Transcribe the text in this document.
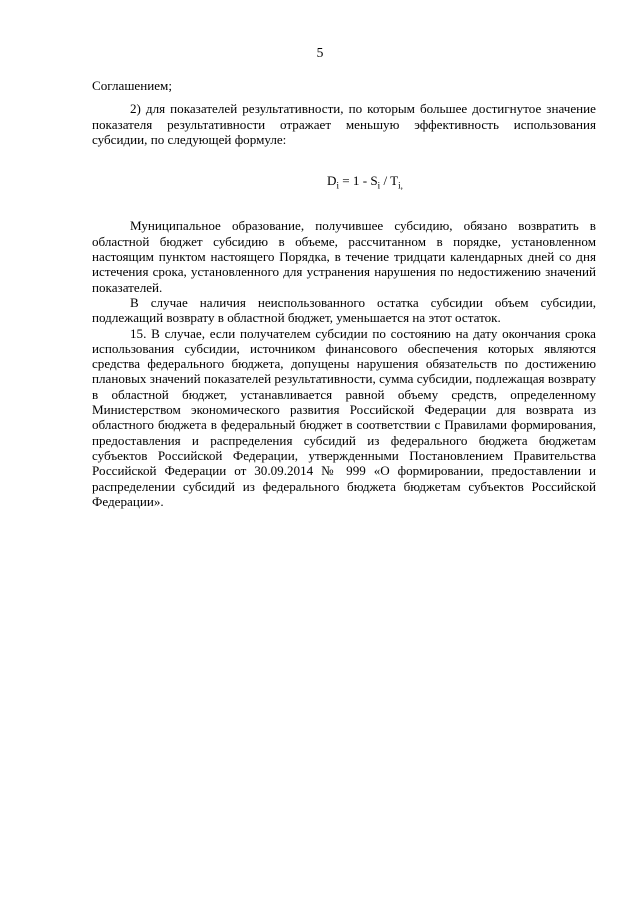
5

Соглашением;

2) для показателей результативности, по которым большее достигнутое значение показателя результативности отражает меньшую эффективность использования субсидии, по следующей формуле:

$D_i = 1 - S_i / T_{i,}$

Муниципальное образование, получившее субсидию, обязано возвратить в областной бюджет субсидию в объеме, рассчитанном в порядке, установленном настоящим пунктом настоящего Порядка, в течение тридцати календарных дней со дня истечения срока, установленного для устранения нарушения по недостижению значений показателей.

В случае наличия неиспользованного остатка субсидии объем субсидии, подлежащий возврату в областной бюджет, уменьшается на этот остаток.

15. В случае, если получателем субсидии по состоянию на дату окончания срока использования субсидии, источником финансового обеспечения которых являются средства федерального бюджета, допущены нарушения обязательств по достижению плановых значений показателей результативности, сумма субсидии, подлежащая возврату в областной бюджет, устанавливается равной объему средств, определенному Министерством экономического развития Российской Федерации для возврата из областного бюджета в федеральный бюджет в соответствии с Правилами формирования, предоставления и распределения субсидий из федерального бюджета бюджетам субъектов Российской Федерации, утвержденными Постановлением Правительства Российской Федерации от 30.09.2014 № 999 «О формировании, предоставлении и распределении субсидий из федерального бюджета бюджетам субъектов Российской Федерации».
